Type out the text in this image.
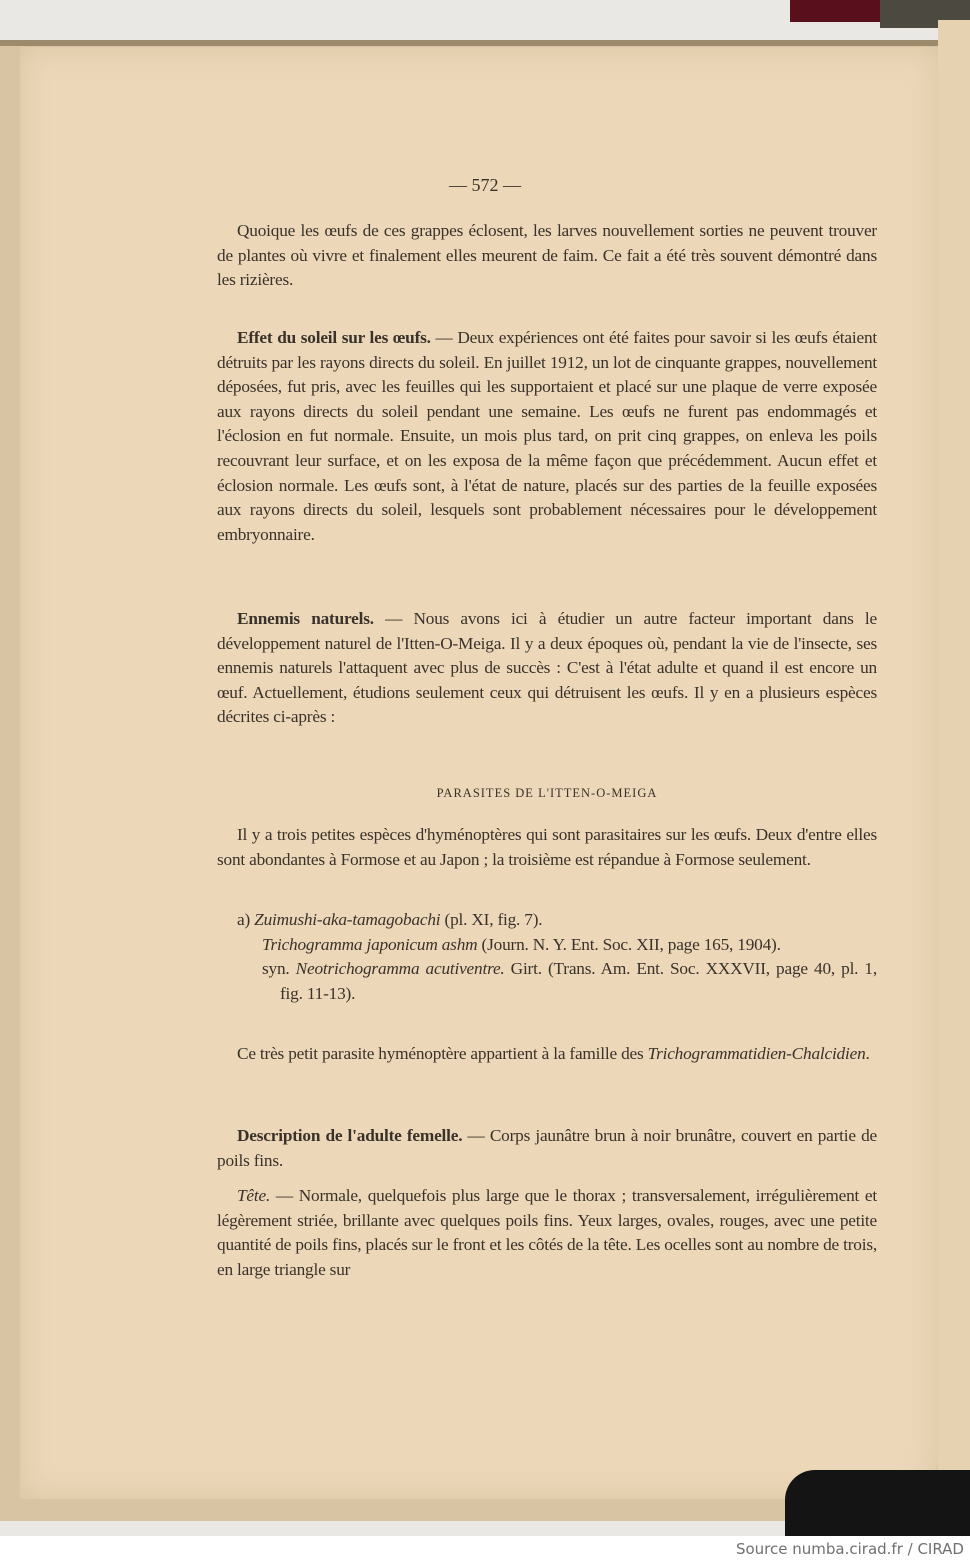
— 572 —

Quoique les œufs de ces grappes éclosent, les larves nouvellement sorties ne peuvent trouver de plantes où vivre et finalement elles meurent de faim. Ce fait a été très souvent démontré dans les rizières.

Effet du soleil sur les œufs. — Deux expériences ont été faites pour savoir si les œufs étaient détruits par les rayons directs du soleil. En juillet 1912, un lot de cinquante grappes, nouvellement déposées, fut pris, avec les feuilles qui les supportaient et placé sur une plaque de verre exposée aux rayons directs du soleil pendant une semaine. Les œufs ne furent pas endommagés et l'éclosion en fut normale. Ensuite, un mois plus tard, on prit cinq grappes, on enleva les poils recouvrant leur surface, et on les exposa de la même façon que précédemment. Aucun effet et éclosion normale. Les œufs sont, à l'état de nature, placés sur des parties de la feuille exposées aux rayons directs du soleil, lesquels sont probablement nécessaires pour le développement embryonnaire.

Ennemis naturels. — Nous avons ici à étudier un autre facteur important dans le développement naturel de l'Itten-O-Meiga. Il y a deux époques où, pendant la vie de l'insecte, ses ennemis naturels l'attaquent avec plus de succès : C'est à l'état adulte et quand il est encore un œuf. Actuellement, étudions seulement ceux qui détruisent les œufs. Il y en a plusieurs espèces décrites ci-après :

PARASITES DE L'ITTEN-O-MEIGA

Il y a trois petites espèces d'hyménoptères qui sont parasitaires sur les œufs. Deux d'entre elles sont abondantes à Formose et au Japon ; la troisième est répandue à Formose seulement.

a) Zuimushi-aka-tamagobachi (pl. XI, fig. 7).

Trichogramma japonicum ashm (Journ. N. Y. Ent. Soc. XII, page 165, 1904).

syn. Neotrichogramma acutiventre. Girt. (Trans. Am. Ent. Soc. XXXVII, page 40, pl. 1, fig. 11-13).

Ce très petit parasite hyménoptère appartient à la famille des Trichogrammatidien-Chalcidien.

Description de l'adulte femelle. — Corps jaunâtre brun à noir brunâtre, couvert en partie de poils fins.

Tête. — Normale, quelquefois plus large que le thorax ; transversalement, irrégulièrement et légèrement striée, brillante avec quelques poils fins. Yeux larges, ovales, rouges, avec une petite quantité de poils fins, placés sur le front et les côtés de la tête. Les ocelles sont au nombre de trois, en large triangle sur

Source numba.cirad.fr / CIRAD
